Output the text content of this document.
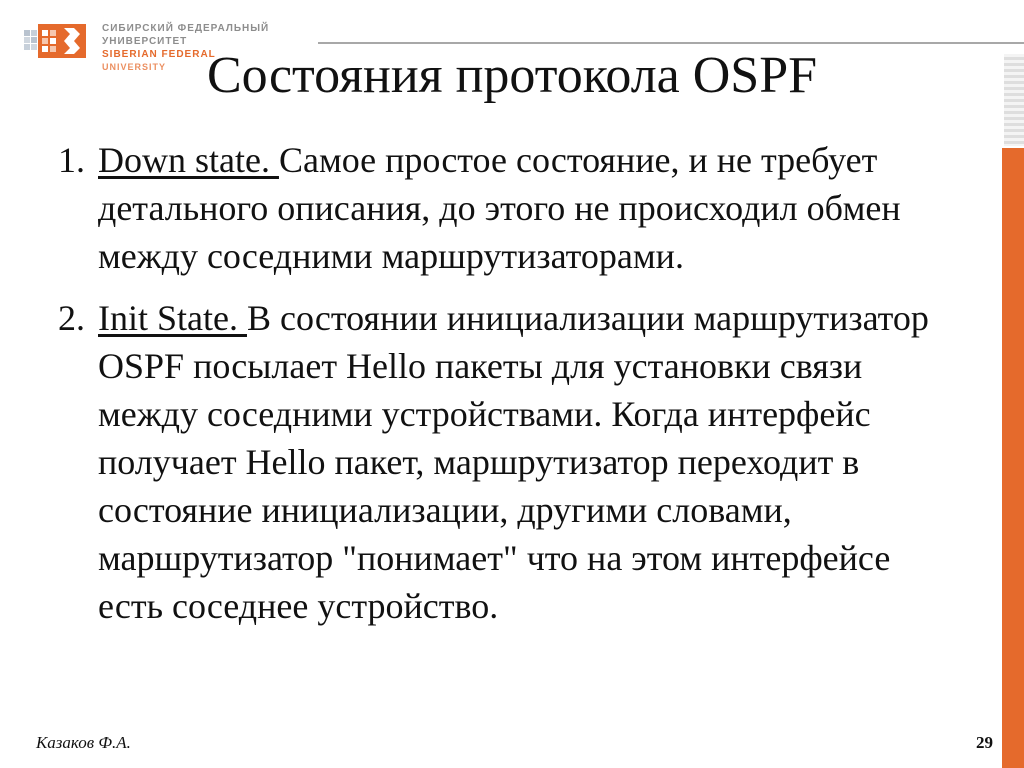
СИБИРСКИЙ ФЕДЕРАЛЬНЫЙ УНИВЕРСИТЕТ
SIBERIAN FEDERAL
UNIVERSITY Состояния протокола OSPF
1. Down state. Самое простое состояние, и не требует детального описания, до этого не происходил обмен между соседними маршрутизаторами.
2. Init State. В состоянии инициализации маршрутизатор OSPF посылает Hello пакеты для установки связи между соседними устройствами. Когда интерфейс получает Hello пакет, маршрутизатор переходит в состояние инициализации, другими словами, маршрутизатор "понимает" что на этом интерфейсе есть соседнее устройство.
Казаков Ф.А.	29
